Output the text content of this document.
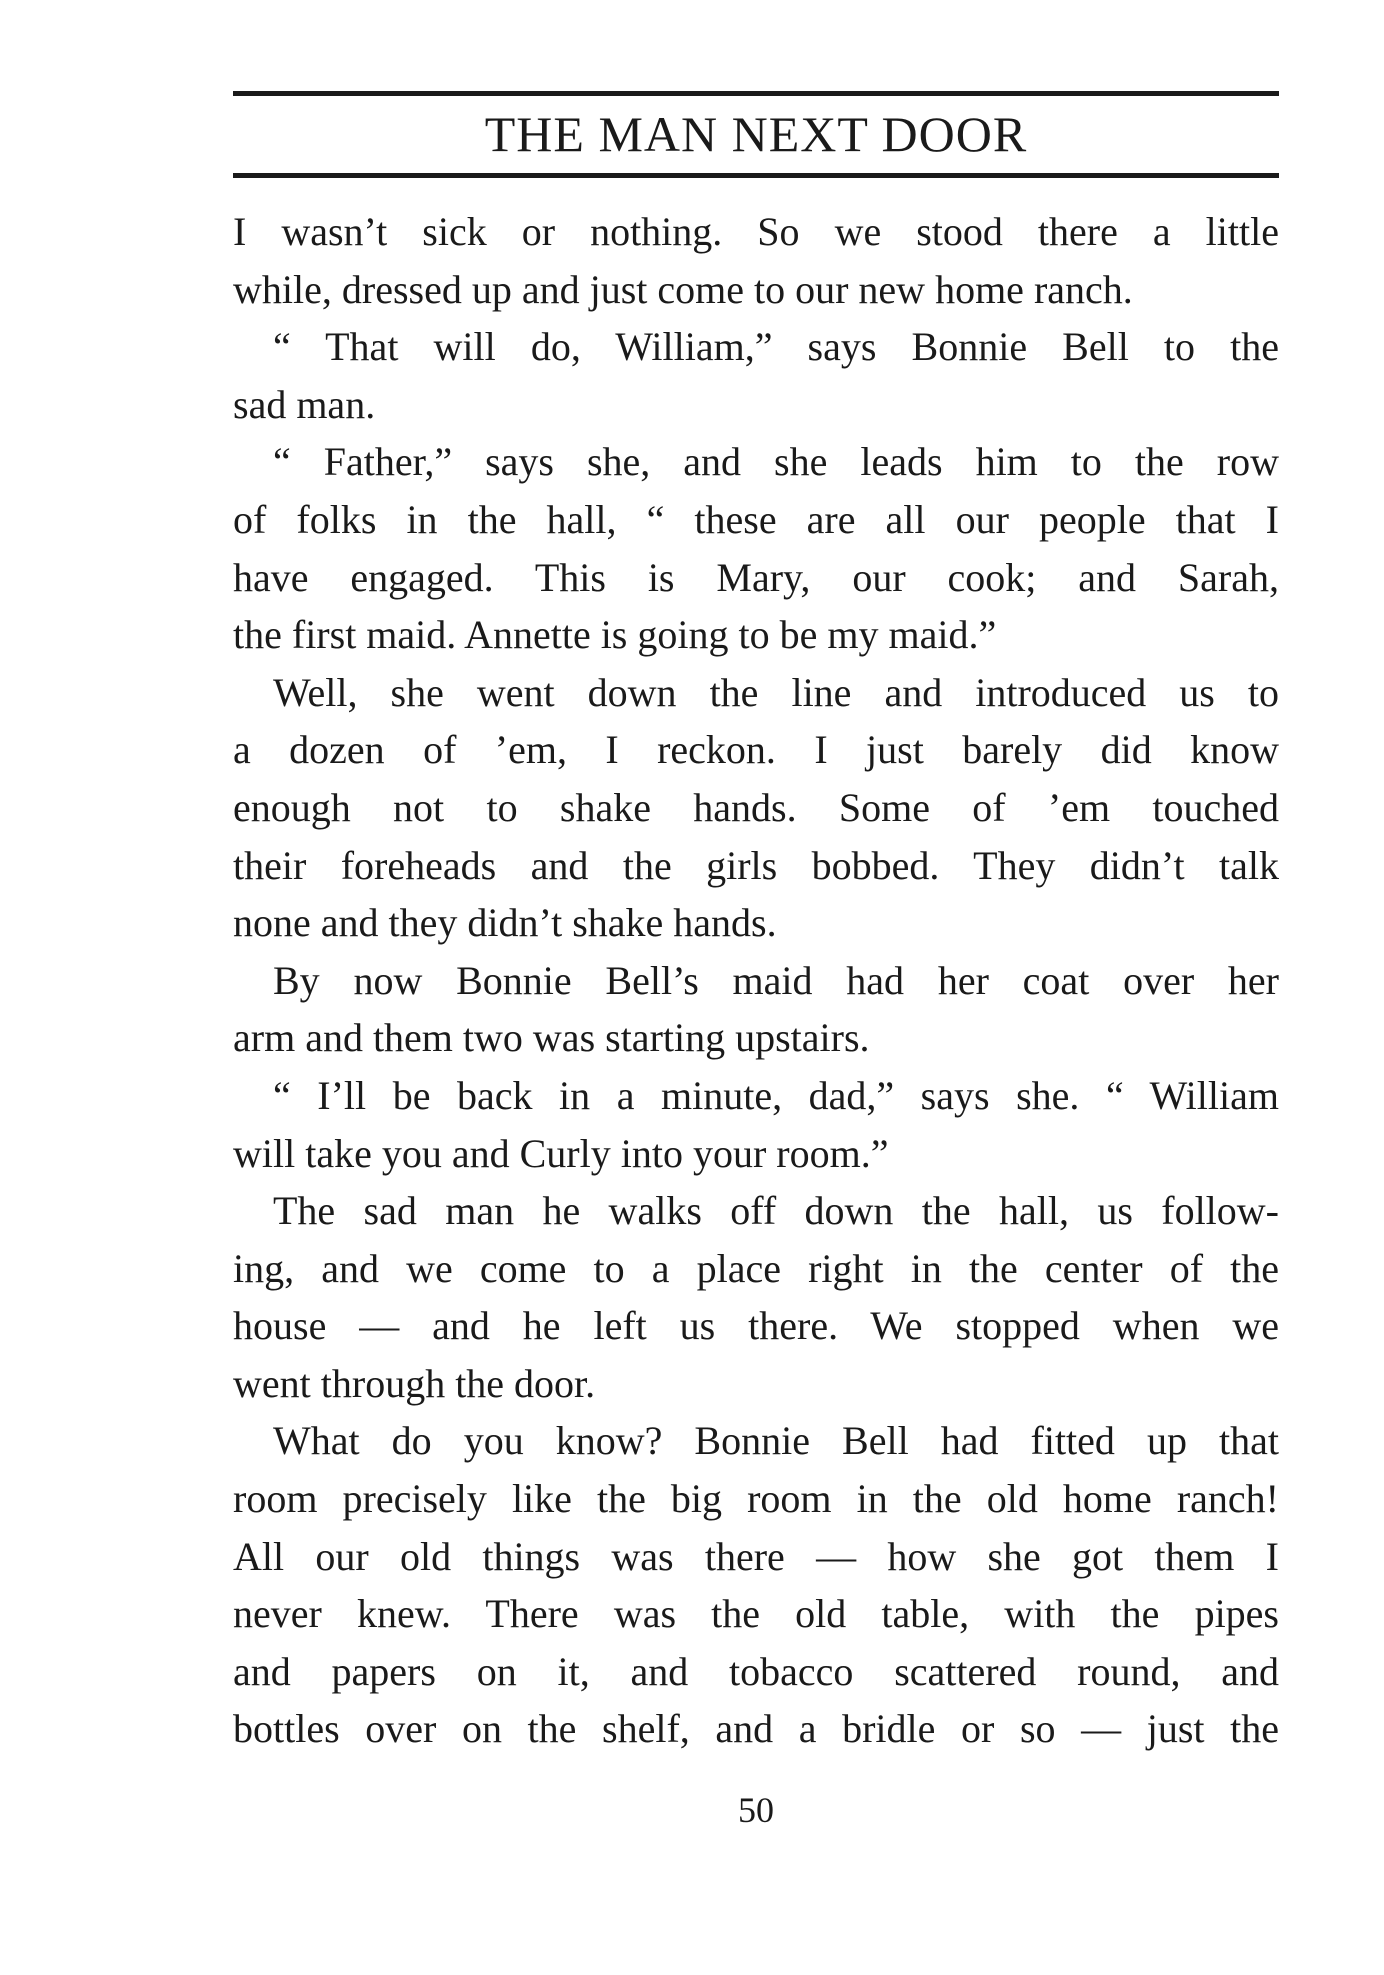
THE MAN NEXT DOOR
I wasn’t sick or nothing. So we stood there a little
while, dressed up and just come to our new home ranch.
“ That will do, William,” says Bonnie Bell to the
sad man.
“ Father,” says she, and she leads him to the row
of folks in the hall, “ these are all our people that I
have engaged. This is Mary, our cook; and Sarah,
the first maid. Annette is going to be my maid.”
Well, she went down the line and introduced us to
a dozen of ’em, I reckon. I just barely did know
enough not to shake hands. Some of ’em touched
their foreheads and the girls bobbed. They didn’t talk
none and they didn’t shake hands.
By now Bonnie Bell’s maid had her coat over her
arm and them two was starting upstairs.
“ I’ll be back in a minute, dad,” says she. “ William
will take you and Curly into your room.”
The sad man he walks off down the hall, us follow-
ing, and we come to a place right in the center of the
house — and he left us there. We stopped when we
went through the door.
What do you know? Bonnie Bell had fitted up that
room precisely like the big room in the old home ranch!
All our old things was there — how she got them I
never knew. There was the old table, with the pipes
and papers on it, and tobacco scattered round, and
bottles over on the shelf, and a bridle or so — just the
50
